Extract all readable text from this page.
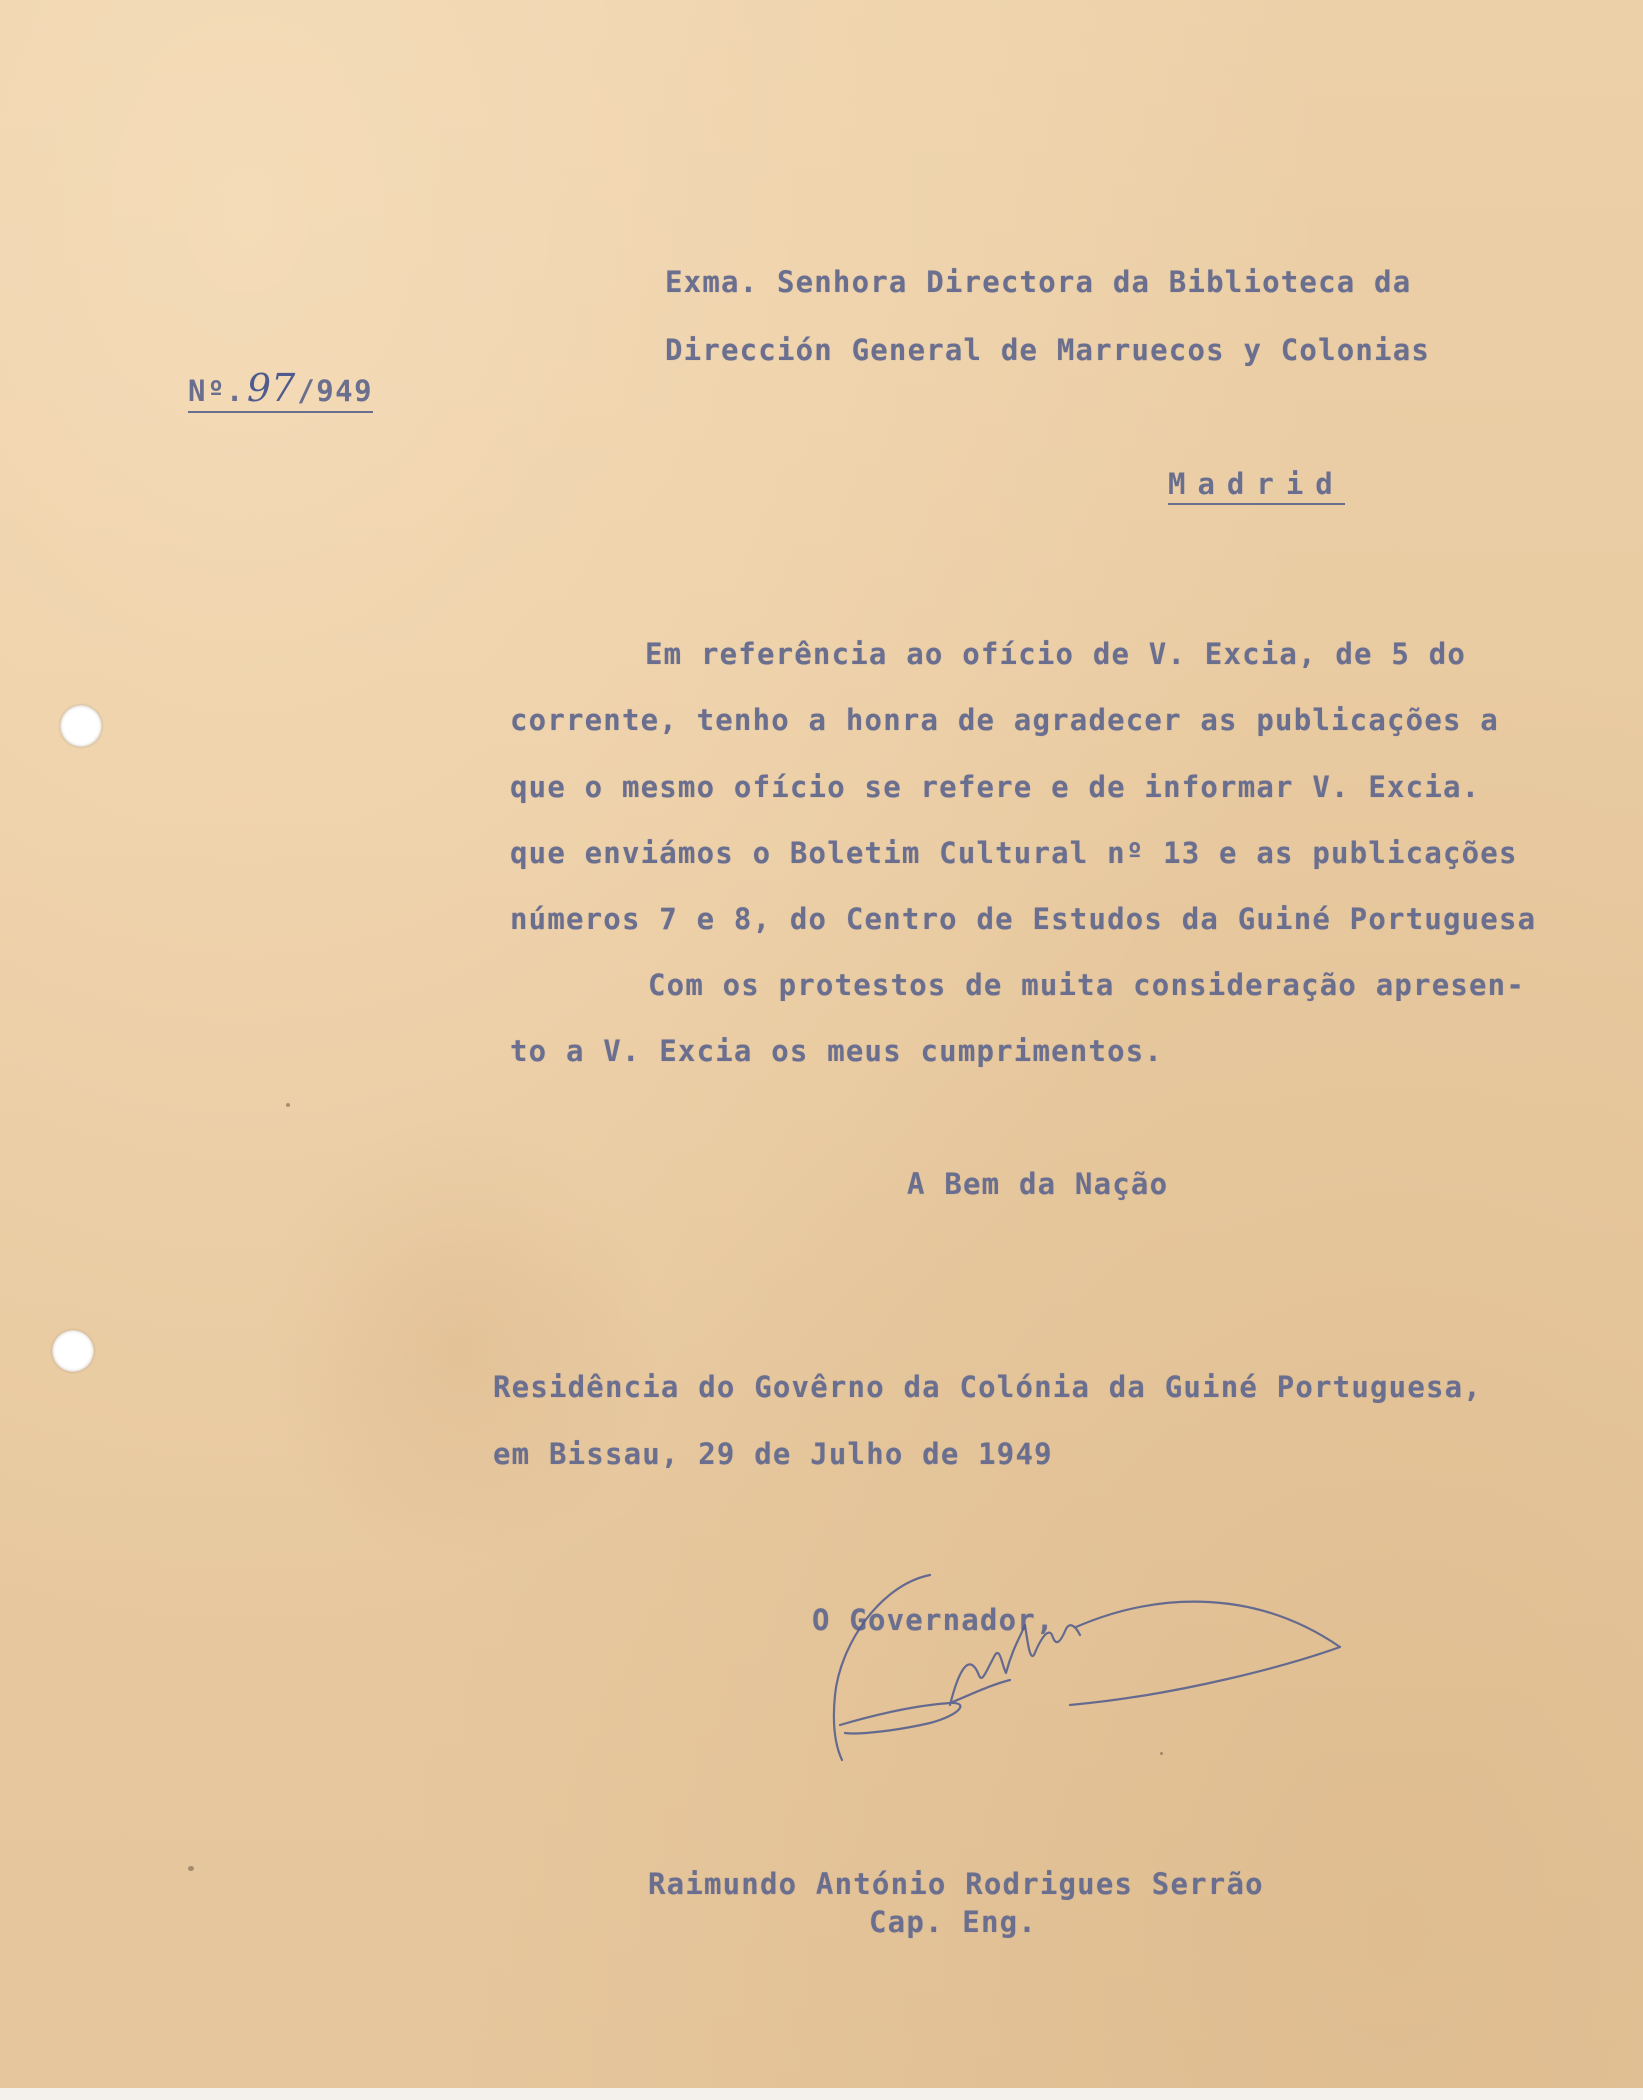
Exma. Senhora Directora da Biblioteca da
Dirección General de Marruecos y Colonias
Nº.97/949
Madrid
Em referência ao ofício de V. Excia, de 5 do
corrente, tenho a honra de agradecer as publicações a
que o mesmo ofício se refere e de informar V. Excia.
que enviámos o Boletim Cultural nº 13 e as publicações
números 7 e 8, do Centro de Estudos da Guiné Portuguesa
Com os protestos de muita consideração apresen-
to a V. Excia os meus cumprimentos.
A Bem da Nação
Residência do Govêrno da Colónia da Guiné Portuguesa,
em Bissau, 29 de Julho de 1949
O Governador,
Raimundo António Rodrigues Serrão
Cap. Eng.
